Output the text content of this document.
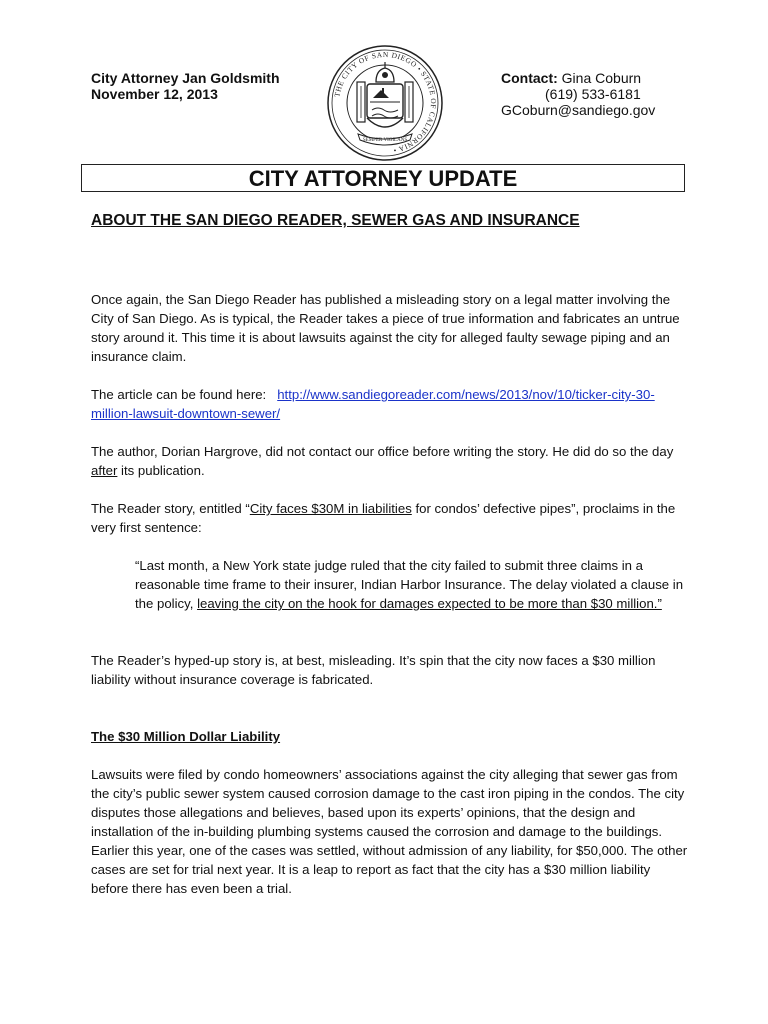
City Attorney Jan Goldsmith
November 12, 2013	THE CITY OF SAN DIEGO • STATE OF CALIFORNIA •
SEMPER VIGILANS
Contact: Gina Coburn
(619) 533-6181
GCoburn@sandiego.gov
CITY ATTORNEY UPDATE
ABOUT THE SAN DIEGO READER, SEWER GAS AND INSURANCE
Once again, the San Diego Reader has published a misleading story on a legal matter involving the City of San Diego. As is typical, the Reader takes a piece of true information and fabricates an untrue story around it. This time it is about lawsuits against the city for alleged faulty sewage piping and an insurance claim.
The article can be found here: http://www.sandiegoreader.com/news/2013/nov/10/ticker-city-30-million-lawsuit-downtown-sewer/
The author, Dorian Hargrove, did not contact our office before writing the story. He did do so the day after its publication.
The Reader story, entitled “City faces $30M in liabilities for condos’ defective pipes”, proclaims in the very first sentence:
“Last month, a New York state judge ruled that the city failed to submit three claims in a reasonable time frame to their insurer, Indian Harbor Insurance. The delay violated a clause in the policy, leaving the city on the hook for damages expected to be more than $30 million.”
The Reader’s hyped-up story is, at best, misleading. It’s spin that the city now faces a $30 million liability without insurance coverage is fabricated.
The $30 Million Dollar Liability
Lawsuits were filed by condo homeowners’ associations against the city alleging that sewer gas from the city’s public sewer system caused corrosion damage to the cast iron piping in the condos. The city disputes those allegations and believes, based upon its experts’ opinions, that the design and installation of the in-building plumbing systems caused the corrosion and damage to the buildings. Earlier this year, one of the cases was settled, without admission of any liability, for $50,000. The other cases are set for trial next year. It is a leap to report as fact that the city has a $30 million liability before there has even been a trial.
